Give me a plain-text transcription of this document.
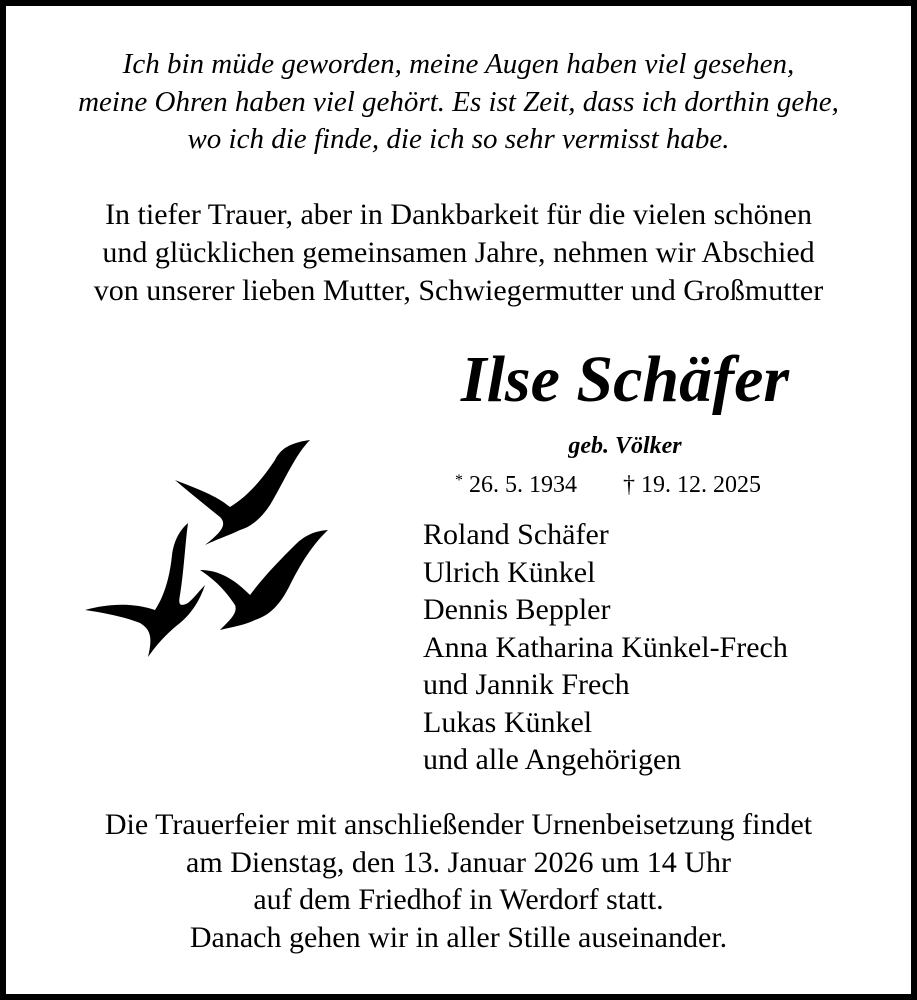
Ich bin müde geworden, meine Augen haben viel gesehen,
meine Ohren haben viel gehört. Es ist Zeit, dass ich dorthin gehe,
wo ich die finde, die ich so sehr vermisst habe.
In tiefer Trauer, aber in Dankbarkeit für die vielen schönen
und glücklichen gemeinsamen Jahre, nehmen wir Abschied
von unserer lieben Mutter, Schwiegermutter und Großmutter
Ilse Schäfer
geb. Völker
* 26. 5. 1934 † 19. 12. 2025
Roland Schäfer
Ulrich Künkel
Dennis Beppler
Anna Katharina Künkel-Frech
und Jannik Frech
Lukas Künkel
und alle Angehörigen
Die Trauerfeier mit anschließender Urnenbeisetzung findet
am Dienstag, den 13. Januar 2026 um 14 Uhr
auf dem Friedhof in Werdorf statt.
Danach gehen wir in aller Stille auseinander.
